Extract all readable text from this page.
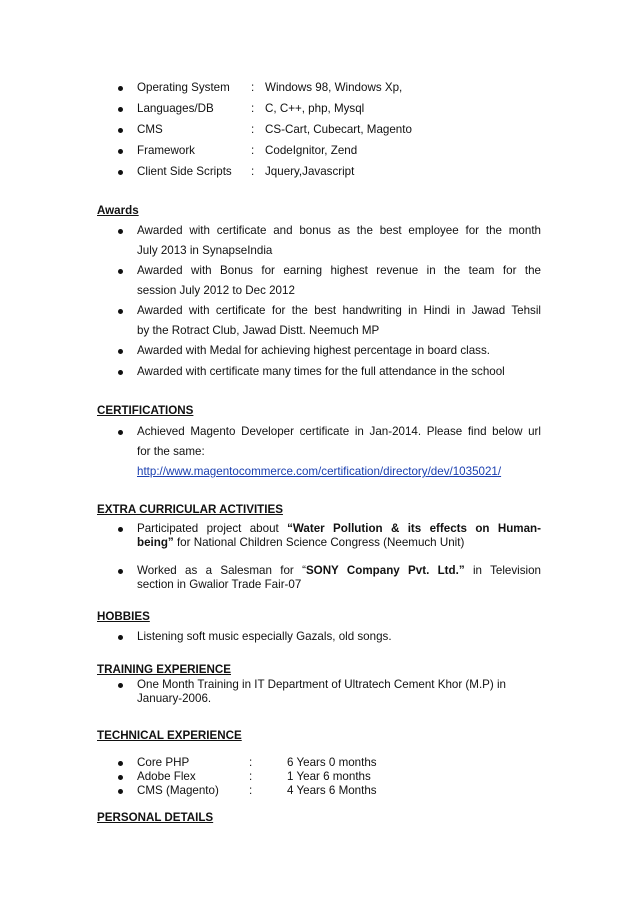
Operating System : Windows 98, Windows Xp,
Languages/DB	: C, C++, php, Mysql
CMS	: CS-Cart, Cubecart, Magento
Framework	: CodeIgnitor, Zend
Client Side Scripts : Jquery,Javascript
Awards
Awarded with certificate and bonus as the best employee for the month
July 2013 in SynapseIndia
Awarded with Bonus for earning highest revenue in the team for the
session July 2012 to Dec 2012
Awarded with certificate for the best handwriting in Hindi in Jawad Tehsil
by the Rotract Club, Jawad Distt. Neemuch MP
Awarded with Medal for achieving highest percentage in board class.
Awarded with certificate many times for the full attendance in the school
CERTIFICATIONS
Achieved Magento Developer certificate in Jan-2014. Please find below url
for the same:
http://www.magentocommerce.com/certification/directory/dev/1035021/
EXTRA CURRICULAR ACTIVITIES
Participated project about “Water Pollution & its effects on Human-
being” for National Children Science Congress (Neemuch Unit)
Worked as a Salesman for “SONY Company Pvt. Ltd.” in Television
section in Gwalior Trade Fair-07
HOBBIES
Listening soft music especially Gazals, old songs.
TRAINING EXPERIENCE
One Month Training in IT Department of Ultratech Cement Khor (M.P) in
January-2006.
TECHNICAL EXPERIENCE
Core PHP	:	6 Years 0 months
Adobe Flex	:	1 Year 6 months
CMS (Magento)	:	4 Years 6 Months
PERSONAL DETAILS
